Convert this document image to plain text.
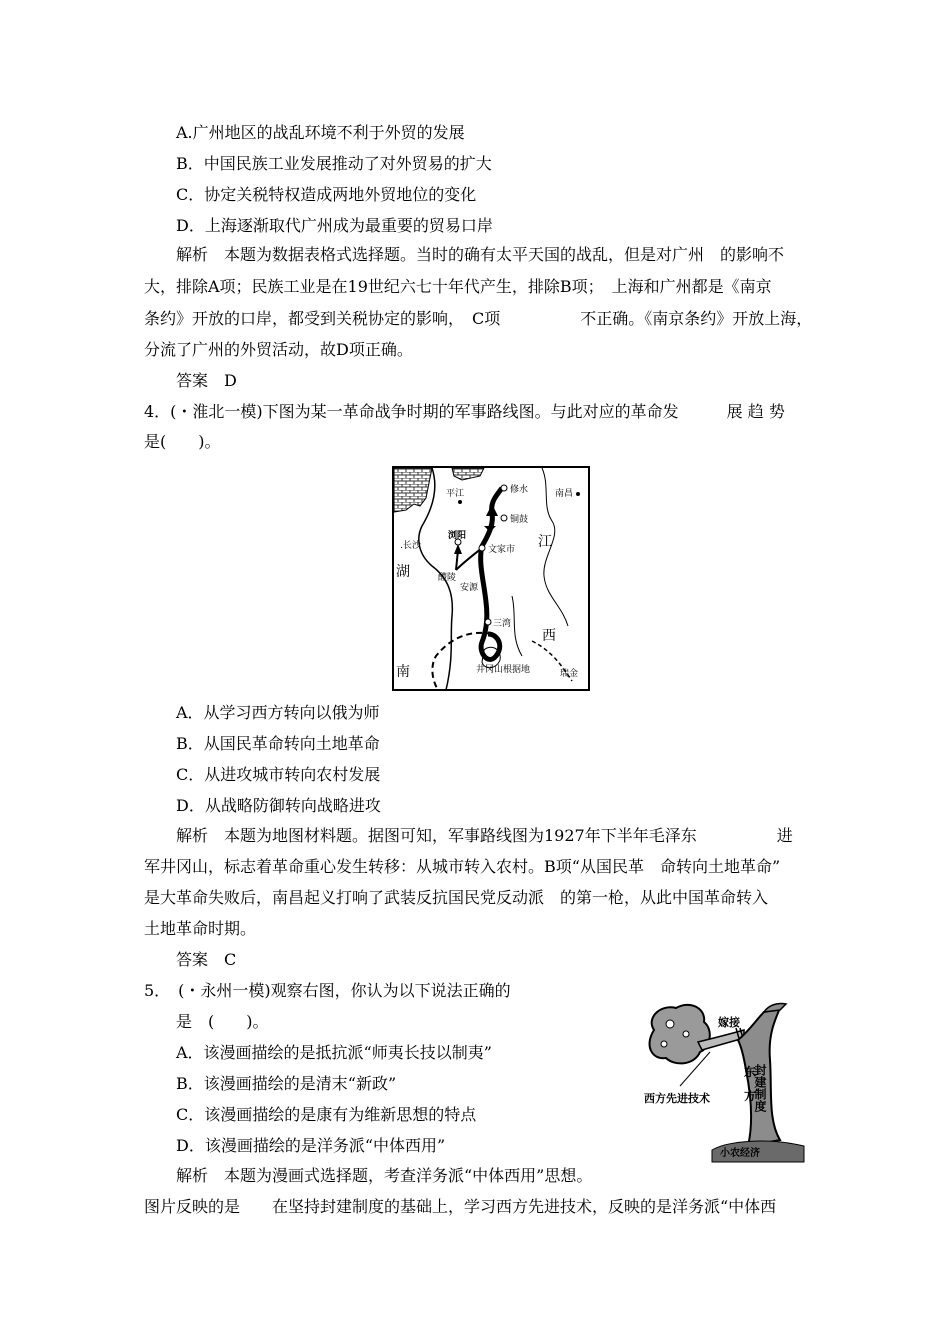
A.广州地区的战乱环境不利于外贸的发展
B．中国民族工业发展推动了对外贸易的扩大
C．协定关税特权造成两地外贸地位的变化
D．上海逐渐取代广州成为最重要的贸易口岸
解析　本题为数据表格式选择题。当时的确有太平天国的战乱，但是对广州　的影响不
大，排除A项；民族工业是在19世纪六七十年代产生，排除B项；　上海和广州都是《南京
条约》开放的口岸，都受到关税协定的影响，　C项　　　　　不正确。《南京条约》开放上海，
分流了广州的外贸活动，故D项正确。
答案　D
4．(・淮北一模)下图为某一革命战争时期的军事路线图。与此对应的革命发　　　展 趋 势
是(　　)。
修水
平江	南昌
铜鼓
浏阳
.长沙	文家市 江
湖	醴陵
安源
三湾
西
南	井冈山根据地	瑞金
A．从学习西方转向以俄为师
B．从国民革命转向土地革命
C．从进攻城市转向农村发展
D．从战略防御转向战略进攻
解析　本题为地图材料题。据图可知，军事路线图为1927年下半年毛泽东　　　　　进
军井冈山，标志着革命重心发生转移：从城市转入农村。B项“从国民革　命转向土地革命”
是大革命失败后，南昌起义打响了武装反抗国民党反动派　的第一枪，从此中国革命转入
土地革命时期。
答案　C
5．　(・永州一模)观察右图，你认为以下说法正确的
是　(　　)。
A．该漫画描绘的是抵抗派“师夷长技以制夷”
B．该漫画描绘的是清末“新政”
C．该漫画描绘的是康有为维新思想的特点
D．该漫画描绘的是洋务派“中体西用”
解析　本题为漫画式选择题，考查洋务派“中体西用”思想。
图片反映的是　　在坚持封建制度的基础上，学习西方先进技术，反映的是洋务派“中体西
嫁接
东
方
封建制度
西方先进技术
小农经济
